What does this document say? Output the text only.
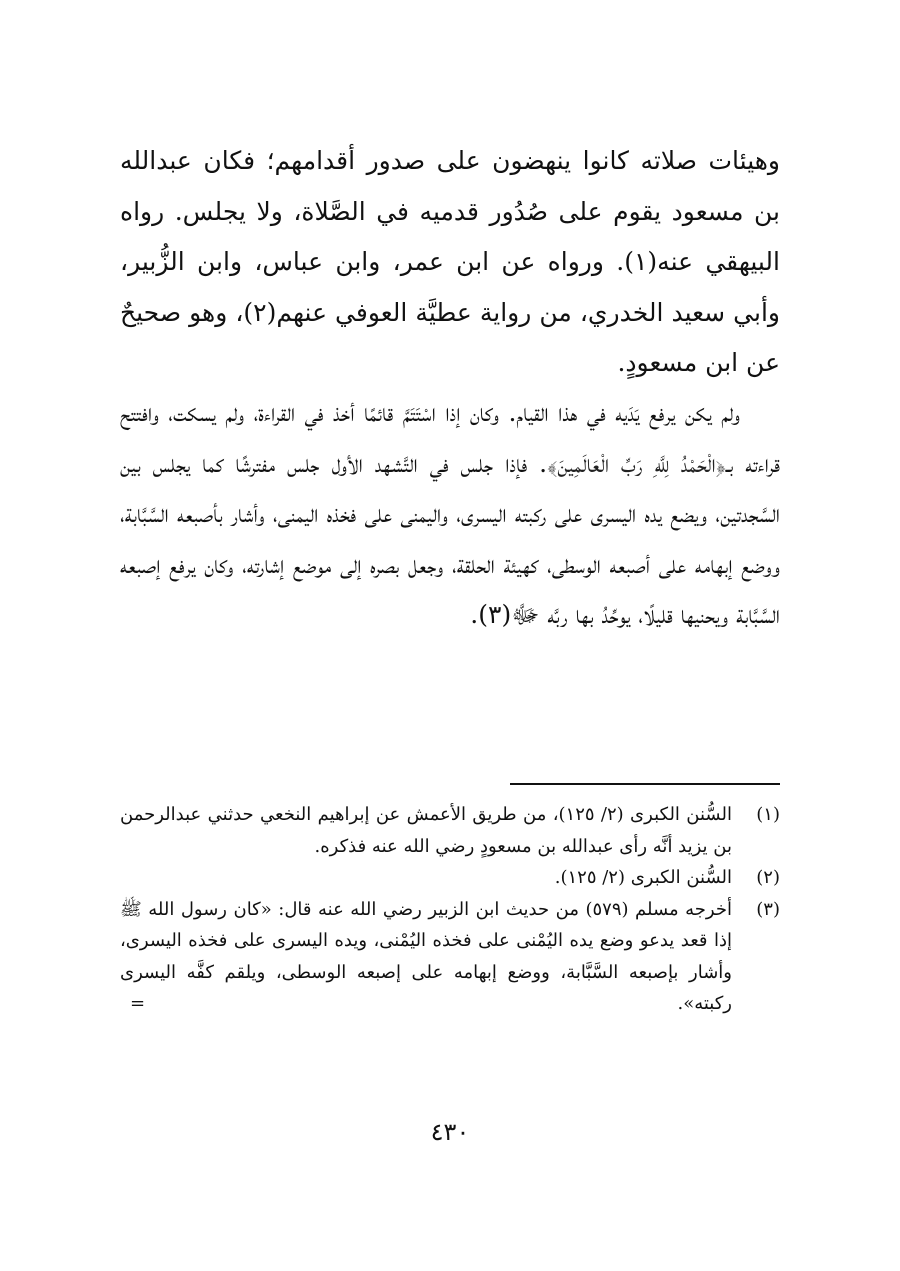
وهيئات صلاته كانوا ينهضون على صدور أقدامهم؛ فكان عبدالله بن مسعود يقوم على صُدُور قدميه في الصَّلاة، ولا يجلس. رواه البيهقي عنه(١). ورواه عن ابن عمر، وابن عباس، وابن الزُّبير، وأبي سعيد الخدري، من رواية عطيَّة العوفي عنهم(٢)، وهو صحيحٌ عن ابن مسعودٍ.

ولم يكن يرفع يَدَيه في هذا القيام. وكان إذا اسْتَتَمَّ قائمًا أخذ في القراءة، ولم يسكت، وافتتح قراءته بـ﴿الْحَمْدُ لِلَّهِ رَبِّ الْعَالَمِينَ﴾. فإذا جلس في التَّشهد الأول جلس مفترشًا كما يجلس بين السَّجدتين، ويضع يده اليسرى على ركبته اليسرى، واليمنى على فخذه اليمنى، وأشار بأصبعه السَّبَّابة، ووضع إبهامه على أصبعه الوسطى، كهيئة الحلقة، وجعل بصره إلى موضع إشارته، وكان يرفع إصبعه السَّبَّابة ويحنيها قليلًا، يوحِّدُ بها ربَّه ﷻ(٣).

(١)
السُّنن الكبرى (٢/ ١٢٥)، من طريق الأعمش عن إبراهيم النخعي حدثني عبدالرحمن بن يزيد أنَّه رأى عبدالله بن مسعودٍ رضي الله عنه فذكره.
(٢)
السُّنن الكبرى (٢/ ١٢٥).
(٣)
أخرجه مسلم (٥٧٩) من حديث ابن الزبير رضي الله عنه قال: «كان رسول الله ﷺ إذا قعد يدعو وضع يده اليُمْنى على فخذه اليُمْنى، ويده اليسرى على فخذه اليسرى، وأشار بإصبعه السَّبَّابة، ووضع إبهامه على إصبعه الوسطى، ويلقم كفَّه اليسرى ركبته».
=
٤٣٠
